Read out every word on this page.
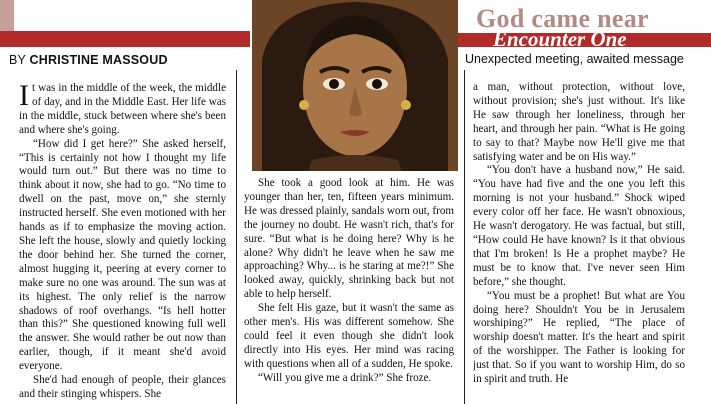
BY CHRISTINE MASSOUD
God came near
Encounter One
Unexpected meeting, awaited message

It was in the middle of the week, the middle of day, and in the Middle East. Her life was in the middle, stuck between where she's been and where she's going.

“How did I get here?” She asked herself, “This is certainly not how I thought my life would turn out.” But there was no time to think about it now, she had to go. “No time to dwell on the past, move on,” she sternly instructed herself. She even motioned with her hands as if to emphasize the moving action. She left the house, slowly and quietly locking the door behind her. She turned the corner, almost hugging it, peering at every corner to make sure no one was around. The sun was at its highest. The only relief is the narrow shadows of roof overhangs. “Is hell hotter than this?” She questioned knowing full well the answer. She would rather be out now than earlier, though, if it meant she'd avoid everyone.

She'd had enough of people, their glances and their stinging whispers. She

She took a good look at him. He was younger than her, ten, fifteen years minimum. He was dressed plainly, sandals worn out, from the journey no doubt. He wasn't rich, that's for sure. “But what is he doing here? Why is he alone? Why didn't he leave when he saw me approaching? Why... is he staring at me?!” She looked away, quickly, shrinking back but not able to help herself.

She felt His gaze, but it wasn't the same as other men's. His was different somehow. She could feel it even though she didn't look directly into His eyes. Her mind was racing with questions when all of a sudden, He spoke.

“Will you give me a drink?” She froze.

a man, without protection, without love, without provision; she's just without. It's like He saw through her loneliness, through her heart, and through her pain. “What is He going to say to that? Maybe now He'll give me that satisfying water and be on His way.”

“You don't have a husband now,” He said. “You have had five and the one you left this morning is not your husband.” Shock wiped every color off her face. He wasn't obnoxious, He wasn't derogatory. He was factual, but still, “How could He have known? Is it that obvious that I'm broken! Is He a prophet maybe? He must be to know that. I've never seen Him before,” she thought.

“You must be a prophet! But what are You doing here? Shouldn't You be in Jerusalem worshiping?” He replied, “The place of worship doesn't matter. It's the heart and spirit of the worshipper. The Father is looking for just that. So if you want to worship Him, do so in spirit and truth. He
